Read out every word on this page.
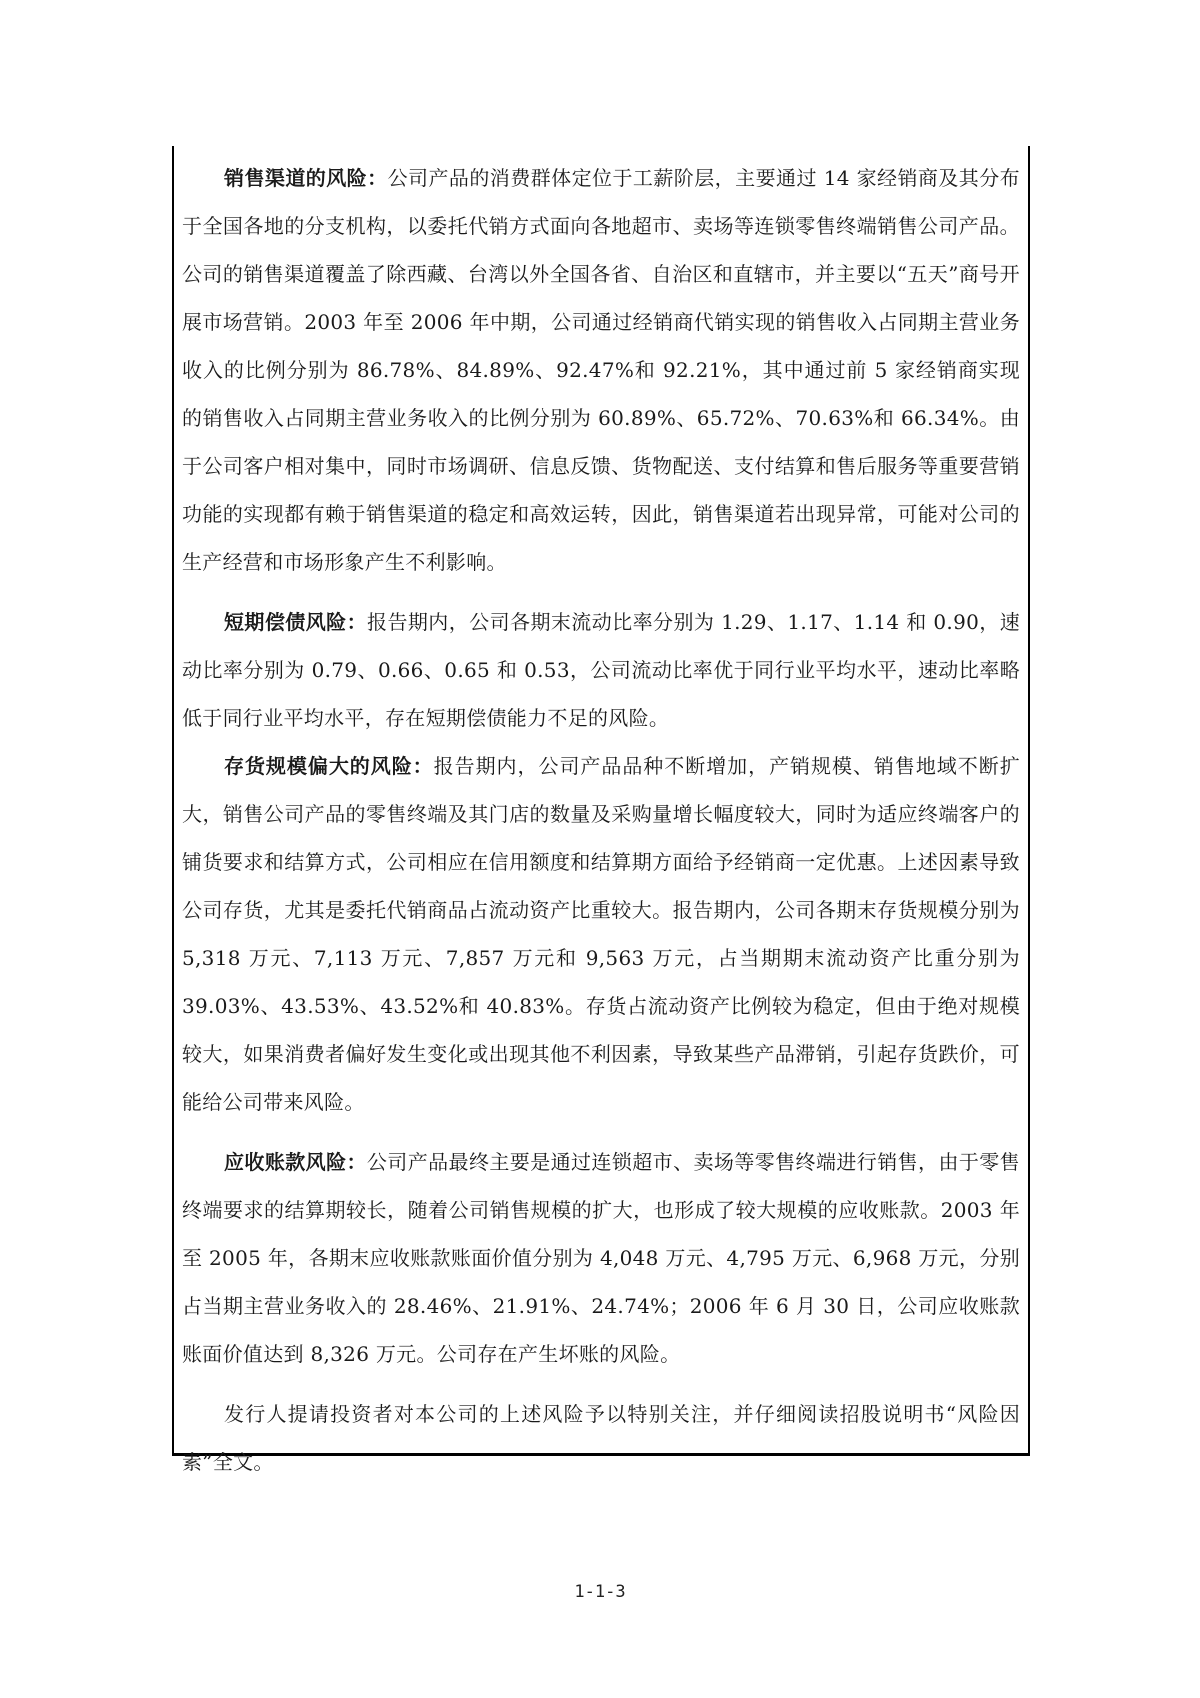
销售渠道的风险：公司产品的消费群体定位于工薪阶层，主要通过 14 家经销商及其分布于全国各地的分支机构，以委托代销方式面向各地超市、卖场等连锁零售终端销售公司产品。公司的销售渠道覆盖了除西藏、台湾以外全国各省、自治区和直辖市，并主要以“五天”商号开展市场营销。2003 年至 2006 年中期，公司通过经销商代销实现的销售收入占同期主营业务收入的比例分别为 86.78%、84.89%、92.47%和 92.21%，其中通过前 5 家经销商实现的销售收入占同期主营业务收入的比例分别为 60.89%、65.72%、70.63%和 66.34%。由于公司客户相对集中，同时市场调研、信息反馈、货物配送、支付结算和售后服务等重要营销功能的实现都有赖于销售渠道的稳定和高效运转，因此，销售渠道若出现异常，可能对公司的生产经营和市场形象产生不利影响。

短期偿债风险：报告期内，公司各期末流动比率分别为 1.29、1.17、1.14 和 0.90，速动比率分别为 0.79、0.66、0.65 和 0.53，公司流动比率优于同行业平均水平，速动比率略低于同行业平均水平，存在短期偿债能力不足的风险。

存货规模偏大的风险：报告期内，公司产品品种不断增加，产销规模、销售地域不断扩大，销售公司产品的零售终端及其门店的数量及采购量增长幅度较大，同时为适应终端客户的铺货要求和结算方式，公司相应在信用额度和结算期方面给予经销商一定优惠。上述因素导致公司存货，尤其是委托代销商品占流动资产比重较大。报告期内，公司各期末存货规模分别为 5,318 万元、7,113 万元、7,857 万元和 9,563 万元，占当期期末流动资产比重分别为 39.03%、43.53%、43.52%和 40.83%。存货占流动资产比例较为稳定，但由于绝对规模较大，如果消费者偏好发生变化或出现其他不利因素，导致某些产品滞销，引起存货跌价，可能给公司带来风险。

应收账款风险：公司产品最终主要是通过连锁超市、卖场等零售终端进行销售，由于零售终端要求的结算期较长，随着公司销售规模的扩大，也形成了较大规模的应收账款。2003 年至 2005 年，各期末应收账款账面价值分别为 4,048 万元、4,795 万元、6,968 万元，分别占当期主营业务收入的 28.46%、21.91%、24.74%；2006 年 6 月 30 日，公司应收账款账面价值达到 8,326 万元。公司存在产生坏账的风险。

发行人提请投资者对本公司的上述风险予以特别关注，并仔细阅读招股说明书“风险因素”全文。

1-1-3
